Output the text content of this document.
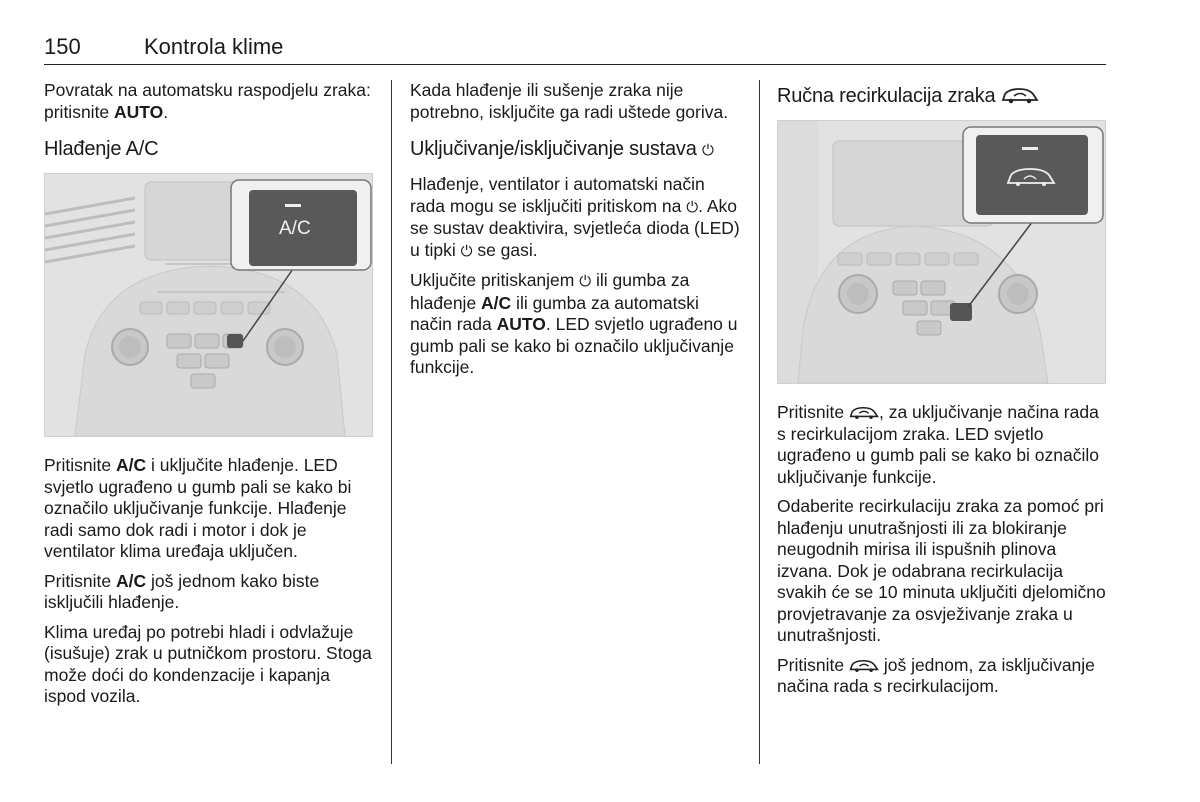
150	Kontrola klime

Povratak na automatsku raspodjelu zraka: pritisnite AUTO.

Hlađenje A/C
A/C

Pritisnite A/C i uključite hlađenje. LED svjetlo ugrađeno u gumb pali se kako bi označilo uključivanje funkcije. Hlađenje radi samo dok radi i motor i dok je ventilator klima uređaja uključen.

Pritisnite A/C još jednom kako biste isključili hlađenje.

Klima uređaj po potrebi hladi i odvlažuje (isušuje) zrak u putničkom prostoru. Stoga može doći do kondenzacije i kapanja ispod vozila.

Kada hlađenje ili sušenje zraka nije potrebno, isključite ga radi uštede goriva.

Uključivanje/isključivanje sustava ⏻

Hlađenje, ventilator i automatski način rada mogu se isključiti pritiskom na ⏻. Ako se sustav deaktivira, svjetleća dioda (LED) u tipki ⏻ se gasi.

Uključite pritiskanjem ⏻ ili gumba za hlađenje A/C ili gumba za automatski način rada AUTO. LED svjetlo ugrađeno u gumb pali se kako bi označilo uključivanje funkcije.

Ručna recirkulacija zraka

Pritisnite , za uključivanje načina rada s recirkulacijom zraka. LED svjetlo ugrađeno u gumb pali se kako bi označilo uključivanje funkcije.

Odaberite recirkulaciju zraka za pomoć pri hlađenju unutrašnjosti ili za blokiranje neugodnih mirisa ili ispušnih plinova izvana. Dok je odabrana recirkulacija svakih će se 10 minuta uključiti djelomično provjetravanje za osvježivanje zraka u unutrašnjosti.

Pritisnite  još jednom, za isključivanje načina rada s recirkulacijom.
